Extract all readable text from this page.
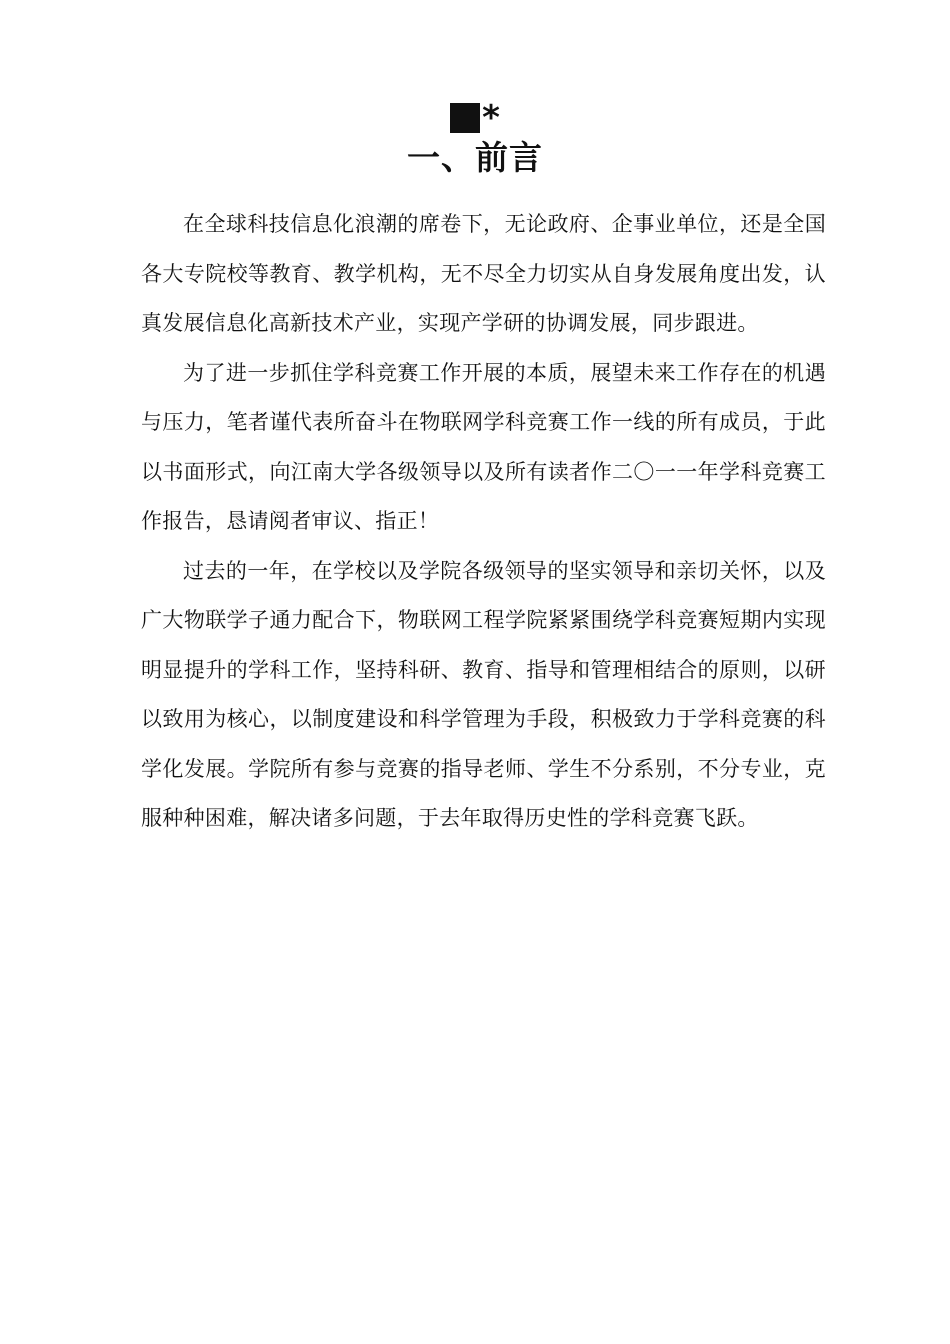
*
一、前言

在全球科技信息化浪潮的席卷下，无论政府、企事业单位，还是全国各大专院校等教育、教学机构，无不尽全力切实从自身发展角度出发，认真发展信息化高新技术产业，实现产学研的协调发展，同步跟进。

为了进一步抓住学科竞赛工作开展的本质，展望未来工作存在的机遇与压力，笔者谨代表所奋斗在物联网学科竞赛工作一线的所有成员，于此以书面形式，向江南大学各级领导以及所有读者作二〇一一年学科竞赛工作报告，恳请阅者审议、指正！

过去的一年，在学校以及学院各级领导的坚实领导和亲切关怀，以及广大物联学子通力配合下，物联网工程学院紧紧围绕学科竞赛短期内实现明显提升的学科工作，坚持科研、教育、指导和管理相结合的原则，以研以致用为核心，以制度建设和科学管理为手段，积极致力于学科竞赛的科学化发展。学院所有参与竞赛的指导老师、学生不分系别，不分专业，克服种种困难，解决诸多问题，于去年取得历史性的学科竞赛飞跃。
